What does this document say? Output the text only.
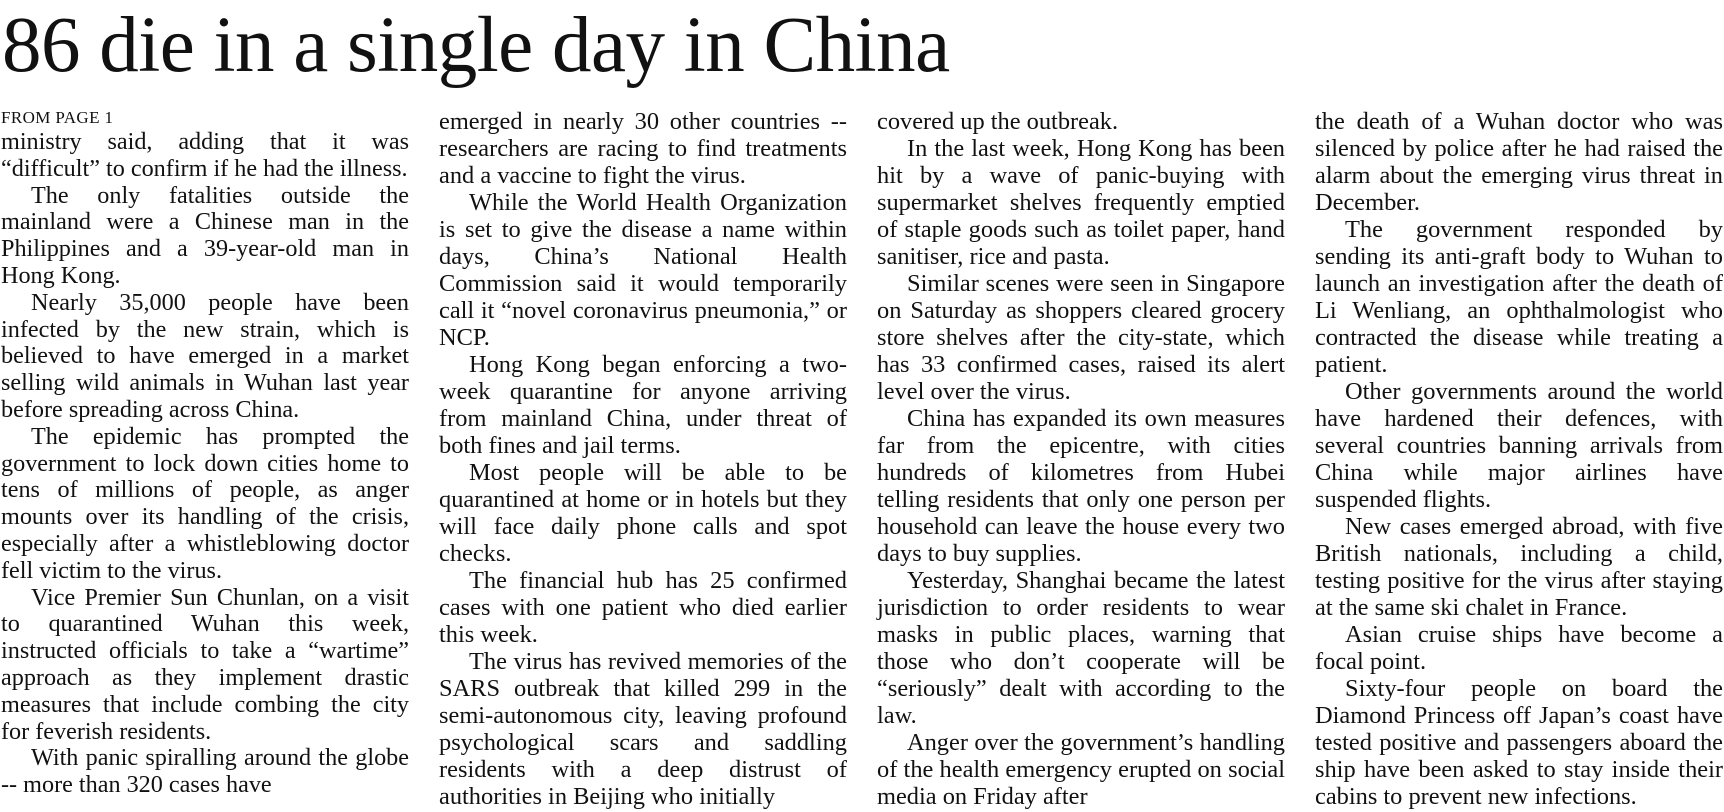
86 die in a single day in China
FROM PAGE 1

ministry said, adding that it was “difficult” to confirm if he had the illness.

The only fatalities outside the mainland were a Chinese man in the Philippines and a 39-year-old man in Hong Kong.

Nearly 35,000 people have been infected by the new strain, which is believed to have emerged in a market selling wild animals in Wuhan last year before spreading across China.

The epidemic has prompted the government to lock down cities home to tens of millions of people, as anger mounts over its handling of the crisis, especially after a whistleblowing doctor fell victim to the virus.

Vice Premier Sun Chunlan, on a visit to quarantined Wuhan this week, instructed officials to take a “wartime” approach as they implement drastic measures that include combing the city for feverish residents.

With panic spiralling around the globe -- more than 320 cases have

emerged in nearly 30 other countries -- researchers are racing to find treatments and a vaccine to fight the virus.

While the World Health Organization is set to give the disease a name within days, China’s National Health Commission said it would temporarily call it “novel coronavirus pneumonia,” or NCP.

Hong Kong began enforcing a two-week quarantine for anyone arriving from mainland China, under threat of both fines and jail terms.

Most people will be able to be quarantined at home or in hotels but they will face daily phone calls and spot checks.

The financial hub has 25 confirmed cases with one patient who died earlier this week.

The virus has revived memories of the SARS outbreak that killed 299 in the semi-autonomous city, leaving profound psychological scars and saddling residents with a deep distrust of authorities in Beijing who initially

covered up the outbreak.

In the last week, Hong Kong has been hit by a wave of panic-buying with supermarket shelves frequently emptied of staple goods such as toilet paper, hand sanitiser, rice and pasta.

Similar scenes were seen in Singapore on Saturday as shoppers cleared grocery store shelves after the city-state, which has 33 confirmed cases, raised its alert level over the virus.

China has expanded its own measures far from the epicentre, with cities hundreds of kilometres from Hubei telling residents that only one person per household can leave the house every two days to buy supplies.

Yesterday, Shanghai became the latest jurisdiction to order residents to wear masks in public places, warning that those who don’t cooperate will be “seriously” dealt with according to the law.

Anger over the government’s handling of the health emergency erupted on social media on Friday after

the death of a Wuhan doctor who was silenced by police after he had raised the alarm about the emerging virus threat in December.

The government responded by sending its anti-graft body to Wuhan to launch an investigation after the death of Li Wenliang, an ophthalmologist who contracted the disease while treating a patient.

Other governments around the world have hardened their defences, with several countries banning arrivals from China while major airlines have suspended flights.

New cases emerged abroad, with five British nationals, including a child, testing positive for the virus after staying at the same ski chalet in France.

Asian cruise ships have become a focal point.

Sixty-four people on board the Diamond Princess off Japan’s coast have tested positive and passengers aboard the ship have been asked to stay inside their cabins to prevent new infections.
